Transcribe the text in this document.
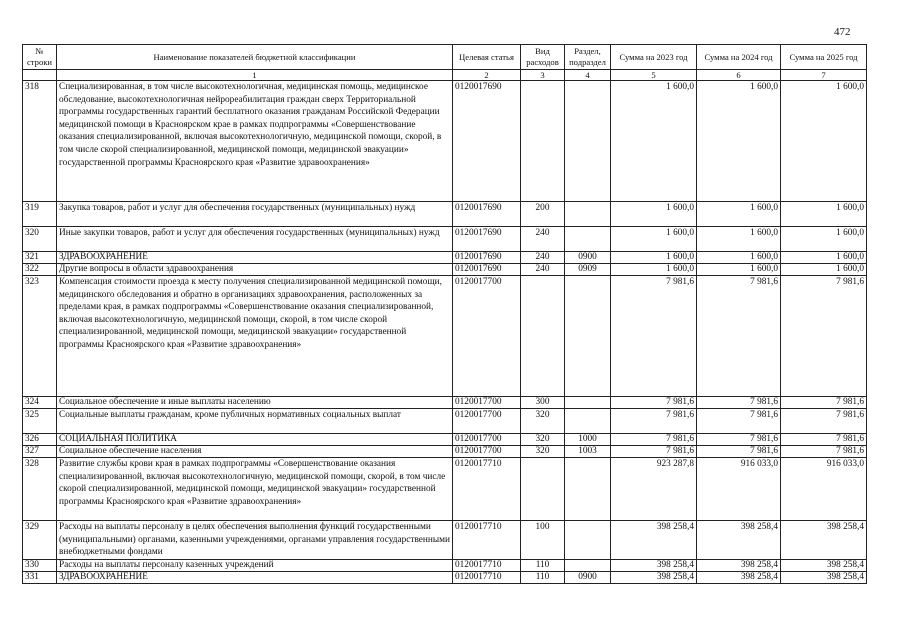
472
№ строки	Наименование показателей бюджетной классификации	Целевая статья	Вид расходов	Раздел, подраздел	Сумма на 2023 год	Сумма на 2024 год	Сумма на 2025 год
	1	2	3	4	5	6	7
318	Специализированная, в том числе высокотехнологичная, медицинская помощь, медицинское обследование, высокотехнологичная нейрореабилитация граждан сверх Территориальной программы государственных гарантий бесплатного оказания гражданам Российской Федерации медицинской помощи в Красноярском крае в рамках подпрограммы «Совершенствование оказания специализированной, включая высокотехнологичную, медицинской помощи, скорой, в том числе скорой специализированной, медицинской помощи, медицинской эвакуации» государственной программы Красноярского края «Развитие здравоохранения»	0120017690			1 600,0	1 600,0	1 600,0
319	Закупка товаров, работ и услуг для обеспечения государственных (муниципальных) нужд	0120017690	200		1 600,0	1 600,0	1 600,0
320	Иные закупки товаров, работ и услуг для обеспечения государственных (муниципальных) нужд	0120017690	240		1 600,0	1 600,0	1 600,0
321	ЗДРАВООХРАНЕНИЕ	0120017690	240	0900	1 600,0	1 600,0	1 600,0
322	Другие вопросы в области здравоохранения	0120017690	240	0909	1 600,0	1 600,0	1 600,0
323	Компенсация стоимости проезда к месту получения специализированной медицинской помощи, медицинского обследования и обратно в организациях здравоохранения, расположенных за пределами края, в рамках подпрограммы «Совершенствование оказания специализированной, включая высокотехнологичную, медицинской помощи, скорой, в том числе скорой специализированной, медицинской помощи, медицинской эвакуации» государственной программы Красноярского края «Развитие здравоохранения»	0120017700			7 981,6	7 981,6	7 981,6
324	Социальное обеспечение и иные выплаты населению	0120017700	300		7 981,6	7 981,6	7 981,6
325	Социальные выплаты гражданам, кроме публичных нормативных социальных выплат	0120017700	320		7 981,6	7 981,6	7 981,6
326	СОЦИАЛЬНАЯ ПОЛИТИКА	0120017700	320	1000	7 981,6	7 981,6	7 981,6
327	Социальное обеспечение населения	0120017700	320	1003	7 981,6	7 981,6	7 981,6
328	Развитие службы крови края в рамках подпрограммы «Совершенствование оказания специализированной, включая высокотехнологичную, медицинской помощи, скорой, в том числе скорой специализированной, медицинской помощи, медицинской эвакуации» государственной программы Красноярского края «Развитие здравоохранения»	0120017710			923 287,8	916 033,0	916 033,0
329	Расходы на выплаты персоналу в целях обеспечения выполнения функций государственными (муниципальными) органами, казенными учреждениями, органами управления государственными внебюджетными фондами	0120017710	100		398 258,4	398 258,4	398 258,4
330	Расходы на выплаты персоналу казенных учреждений	0120017710	110		398 258,4	398 258,4	398 258,4
331	ЗДРАВООХРАНЕНИЕ	0120017710	110	0900	398 258,4	398 258,4	398 258,4
